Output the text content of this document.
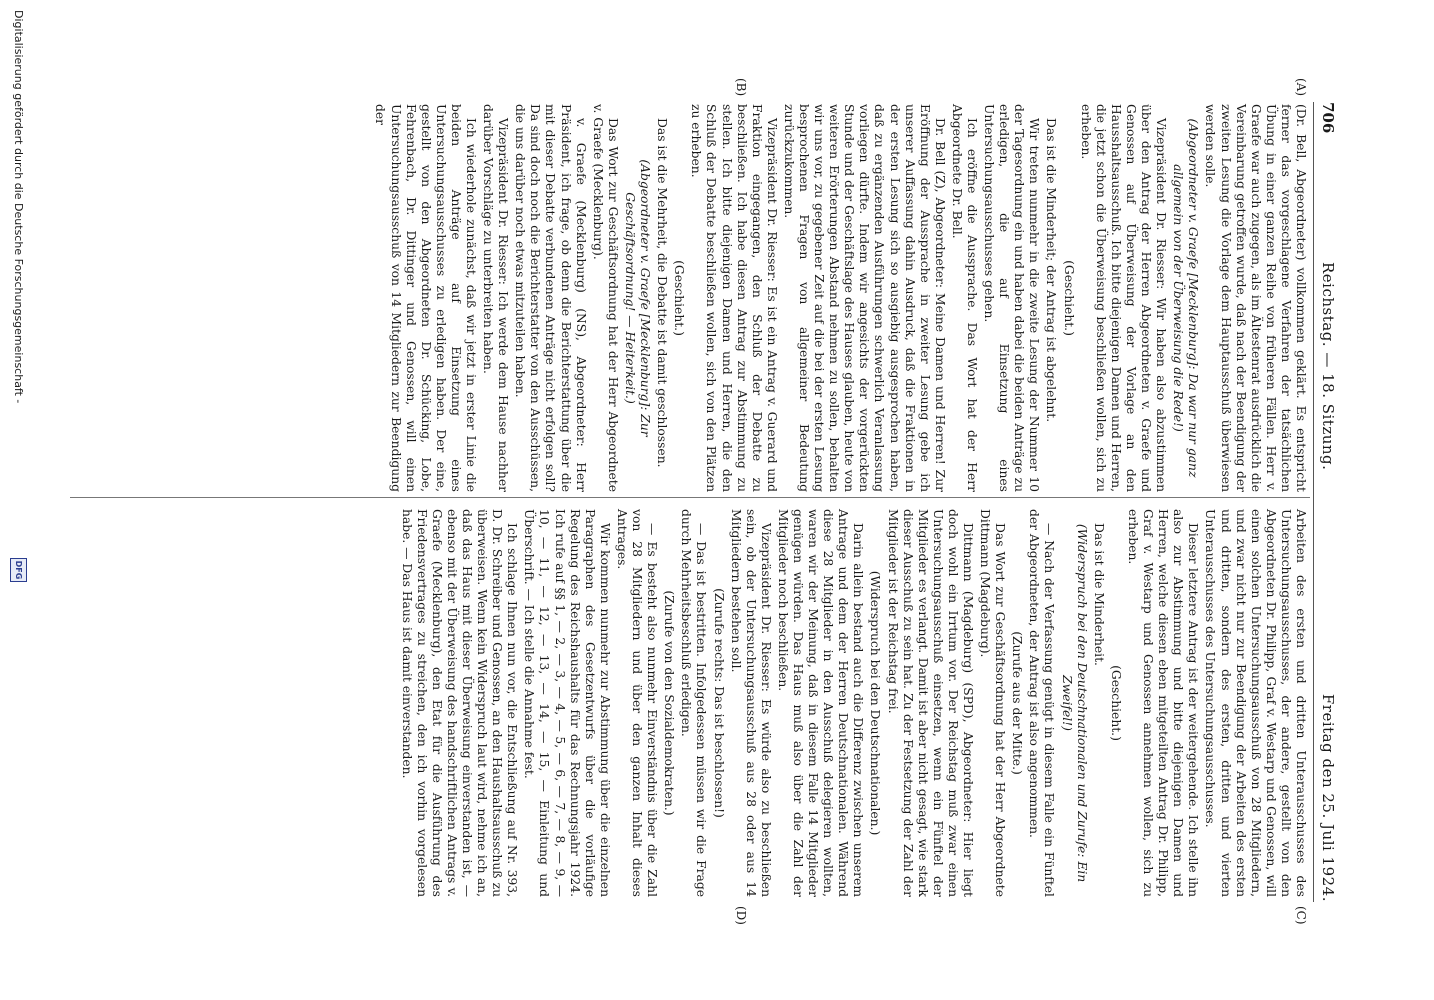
706
Reichstag. — 18. Sitzung.
Freitag den 25. Juli 1924.
(A)
(B)
(C)
(D)

(Dr. Bell, Abgeordneter) vollkommen geklärt. Es entspricht ferner das vorgeschlagene Verfahren der tatsächlichen Übung in einer ganzen Reihe von früheren Fällen. Herr v. Graefe war auch zugegen, als im Ältestenrat ausdrücklich die Vereinbarung getroffen wurde, daß nach der Beendigung der zweiten Lesung die Vorlage dem Hauptausschuß überwiesen werden solle.

(Abgeordneter v. Graefe [Mecklenburg]: Da war nur ganz allgemein von der Überweisung die Rede!)

Vizepräsident Dr. Riesser: Wir haben also abzustimmen über den Antrag der Herren Abgeordneten v. Graefe und Genossen auf Überweisung der Vorlage an den Hausshaltsausschuß. Ich bitte diejenigen Damen und Herren, die jetzt schon die Überweisung beschließen wollen, sich zu erheben.

(Geschieht.)

Das ist die Minderheit; der Antrag ist abgelehnt.

Wir treten nunmehr in die zweite Lesung der Nummer 10 der Tagesordnung ein und haben dabei die beiden Anträge zu erledigen, die auf Einsetzung eines Untersuchungsausschusses gehen.

Ich eröffne die Aussprache. Das Wort hat der Herr Abgeordnete Dr. Bell.

Dr. Bell (Z), Abgeordneter: Meine Damen und Herren! Zur Eröffnung der Aussprache in zweiter Lesung gebe ich unserer Auffassung dahin Ausdruck, daß die Fraktionen in der ersten Lesung sich so ausgiebig ausgesprochen haben, daß zu ergänzenden Ausführungen schwerlich Veranlassung vorliegen dürfte. Indem wir angesichts der vorgerückten Stunde und der Geschäftslage des Hauses glauben, heute von weiteren Erörterungen Abstand nehmen zu sollen, behalten wir uns vor, zu gegebener Zeit auf die bei der ersten Lesung besprochenen Fragen von allgemeiner Bedeutung zurückzukommen.

Vizepräsident Dr. Riesser: Es ist ein Antrag v. Guerard und Fraktion eingegangen, den Schluß der Debatte zu beschließen. Ich habe diesen Antrag zur Abstimmung zu stellen. Ich bitte diejenigen Damen und Herren, die den Schluß der Debatte beschließen wollen, sich von den Plätzen zu erheben.

(Geschieht.)

Das ist die Mehrheit, die Debatte ist damit geschlossen.

(Abgeordneter v. Graefe [Mecklenburg]: Zur Geschäftsordnung! — Heiterkeit.)

Das Wort zur Geschäftsordnung hat der Herr Abgeordnete v. Graefe (Mecklenburg).

v. Graefe (Mecklenburg) (NS), Abgeordneter: Herr Präsident, ich frage, ob denn die Berichterstattung über die mit dieser Debatte verbundenen Anträge nicht erfolgen soll? Da sind doch noch die Berichterstatter von den Ausschüssen, die uns darüber noch etwas mitzuteilen haben.

Vizepräsident Dr. Riesser: Ich werde dem Hause nachher darüber Vorschläge zu unterbreiten haben.

Ich wiederhole zunächst, daß wir jetzt in erster Linie die beiden Anträge auf Einsetzung eines Untersuchungsausschusses zu erledigen haben. Der eine, gestellt von den Abgeordneten Dr. Schücking, Lobe, Fehrenbach, Dr. Dittinger und Genossen, will einen Untersuchungsausschuß von 14 Mitgliedern zur Beendigung der

Arbeiten des ersten und dritten Unterausschusses des Untersuchungsausschusses, der andere, gestellt von den Abgeordneten Dr. Philipp, Graf v. Westarp und Genossen, will einen solchen Untersuchungsausschuß von 28 Mitgliedern, und zwar nicht nur zur Beendigung der Arbeiten des ersten und dritten, sondern des ersten, dritten und vierten Unterausschusses des Untersuchungsausschusses.

Dieser letztere Antrag ist der weitergehende. Ich stelle ihn also zur Abstimmung und bitte diejenigen Damen und Herren, welche diesen eben mitgeteilten Antrag Dr. Philipp, Graf v. Westarp und Genossen annehmen wollen, sich zu erheben.

(Geschieht.)

Das ist die Minderheit.

(Widerspruch bei den Deutschnationalen und Zurufe: Ein Zweifel!)

— Nach der Verfassung genügt in diesem Falle ein Fünftel der Abgeordneten, der Antrag ist also angenommen.

(Zurufe aus der Mitte.)

Das Wort zur Geschäftsordnung hat der Herr Abgeordnete Dittmann (Magdeburg).

Dittmann (Magdeburg) (SPD), Abgeordneter: Hier liegt doch wohl ein Irrtum vor. Der Reichstag muß zwar einen Untersuchungsausschuß einsetzen, wenn ein Fünftel der Mitglieder es verlangt. Damit ist aber nicht gesagt, wie stark dieser Ausschuß zu sein hat. Zu der Festsetzung der Zahl der Mitglieder ist der Reichstag frei.

(Widerspruch bei den Deutschnationalen.)

Darin allein bestand auch die Differenz zwischen unserem Antrage und dem der Herren Deutschnationalen. Während diese 28 Mitglieder in den Ausschuß delegieren wollten, waren wir der Meinung, daß in diesem Falle 14 Mitglieder genügen würden. Das Haus muß also über die Zahl der Mitglieder noch beschließen.

Vizepräsident Dr. Riesser: Es würde also zu beschließen sein, ob der Untersuchungsausschuß aus 28 oder aus 14 Mitgliedern bestehen soll.

(Zurufe rechts: Das ist beschlossen!)

— Das ist bestritten. Infolgedessen müssen wir die Frage durch Mehrheitsbeschluß erledigen.

(Zurufe von den Sozialdemokraten.)

— Es besteht also nunmehr Einverständnis über die Zahl von 28 Mitgliedern und über den ganzen Inhalt dieses Antrages.

Wir kommen nunmehr zur Abstimmung über die einzelnen Paragraphen des Gesetzentwurfs über die vorläufige Regelung des Reichshaushalts für das Rechnungsjahr 1924. Ich rufe auf §§ 1, — 2, — 3, — 4, — 5, — 6, — 7, — 8, — 9, — 10, — 11, — 12, — 13, — 14, — 15, — Einleitung und Überschrift. — Ich stelle die Annahme fest.

Ich schlage Ihnen nun vor, die Entschließung auf Nr. 393, D. Dr. Schreiber und Genossen, an den Haushaltsausschuß zu überweisen. Wenn kein Widerspruch laut wird, nehme ich an, daß das Haus mit dieser Überweisung einverstanden ist, — ebenso mit der Überweisung des handschriftlichen Antrags v. Graefe (Mecklenburg), den Etat für die Ausführung des Friedensvertrages zu streichen, den ich vorhin vorgelesen habe. — Das Haus ist damit einverstanden.

Digitalisierung gefördert durch die Deutsche Forschungsgemeinschaft -
DFG
